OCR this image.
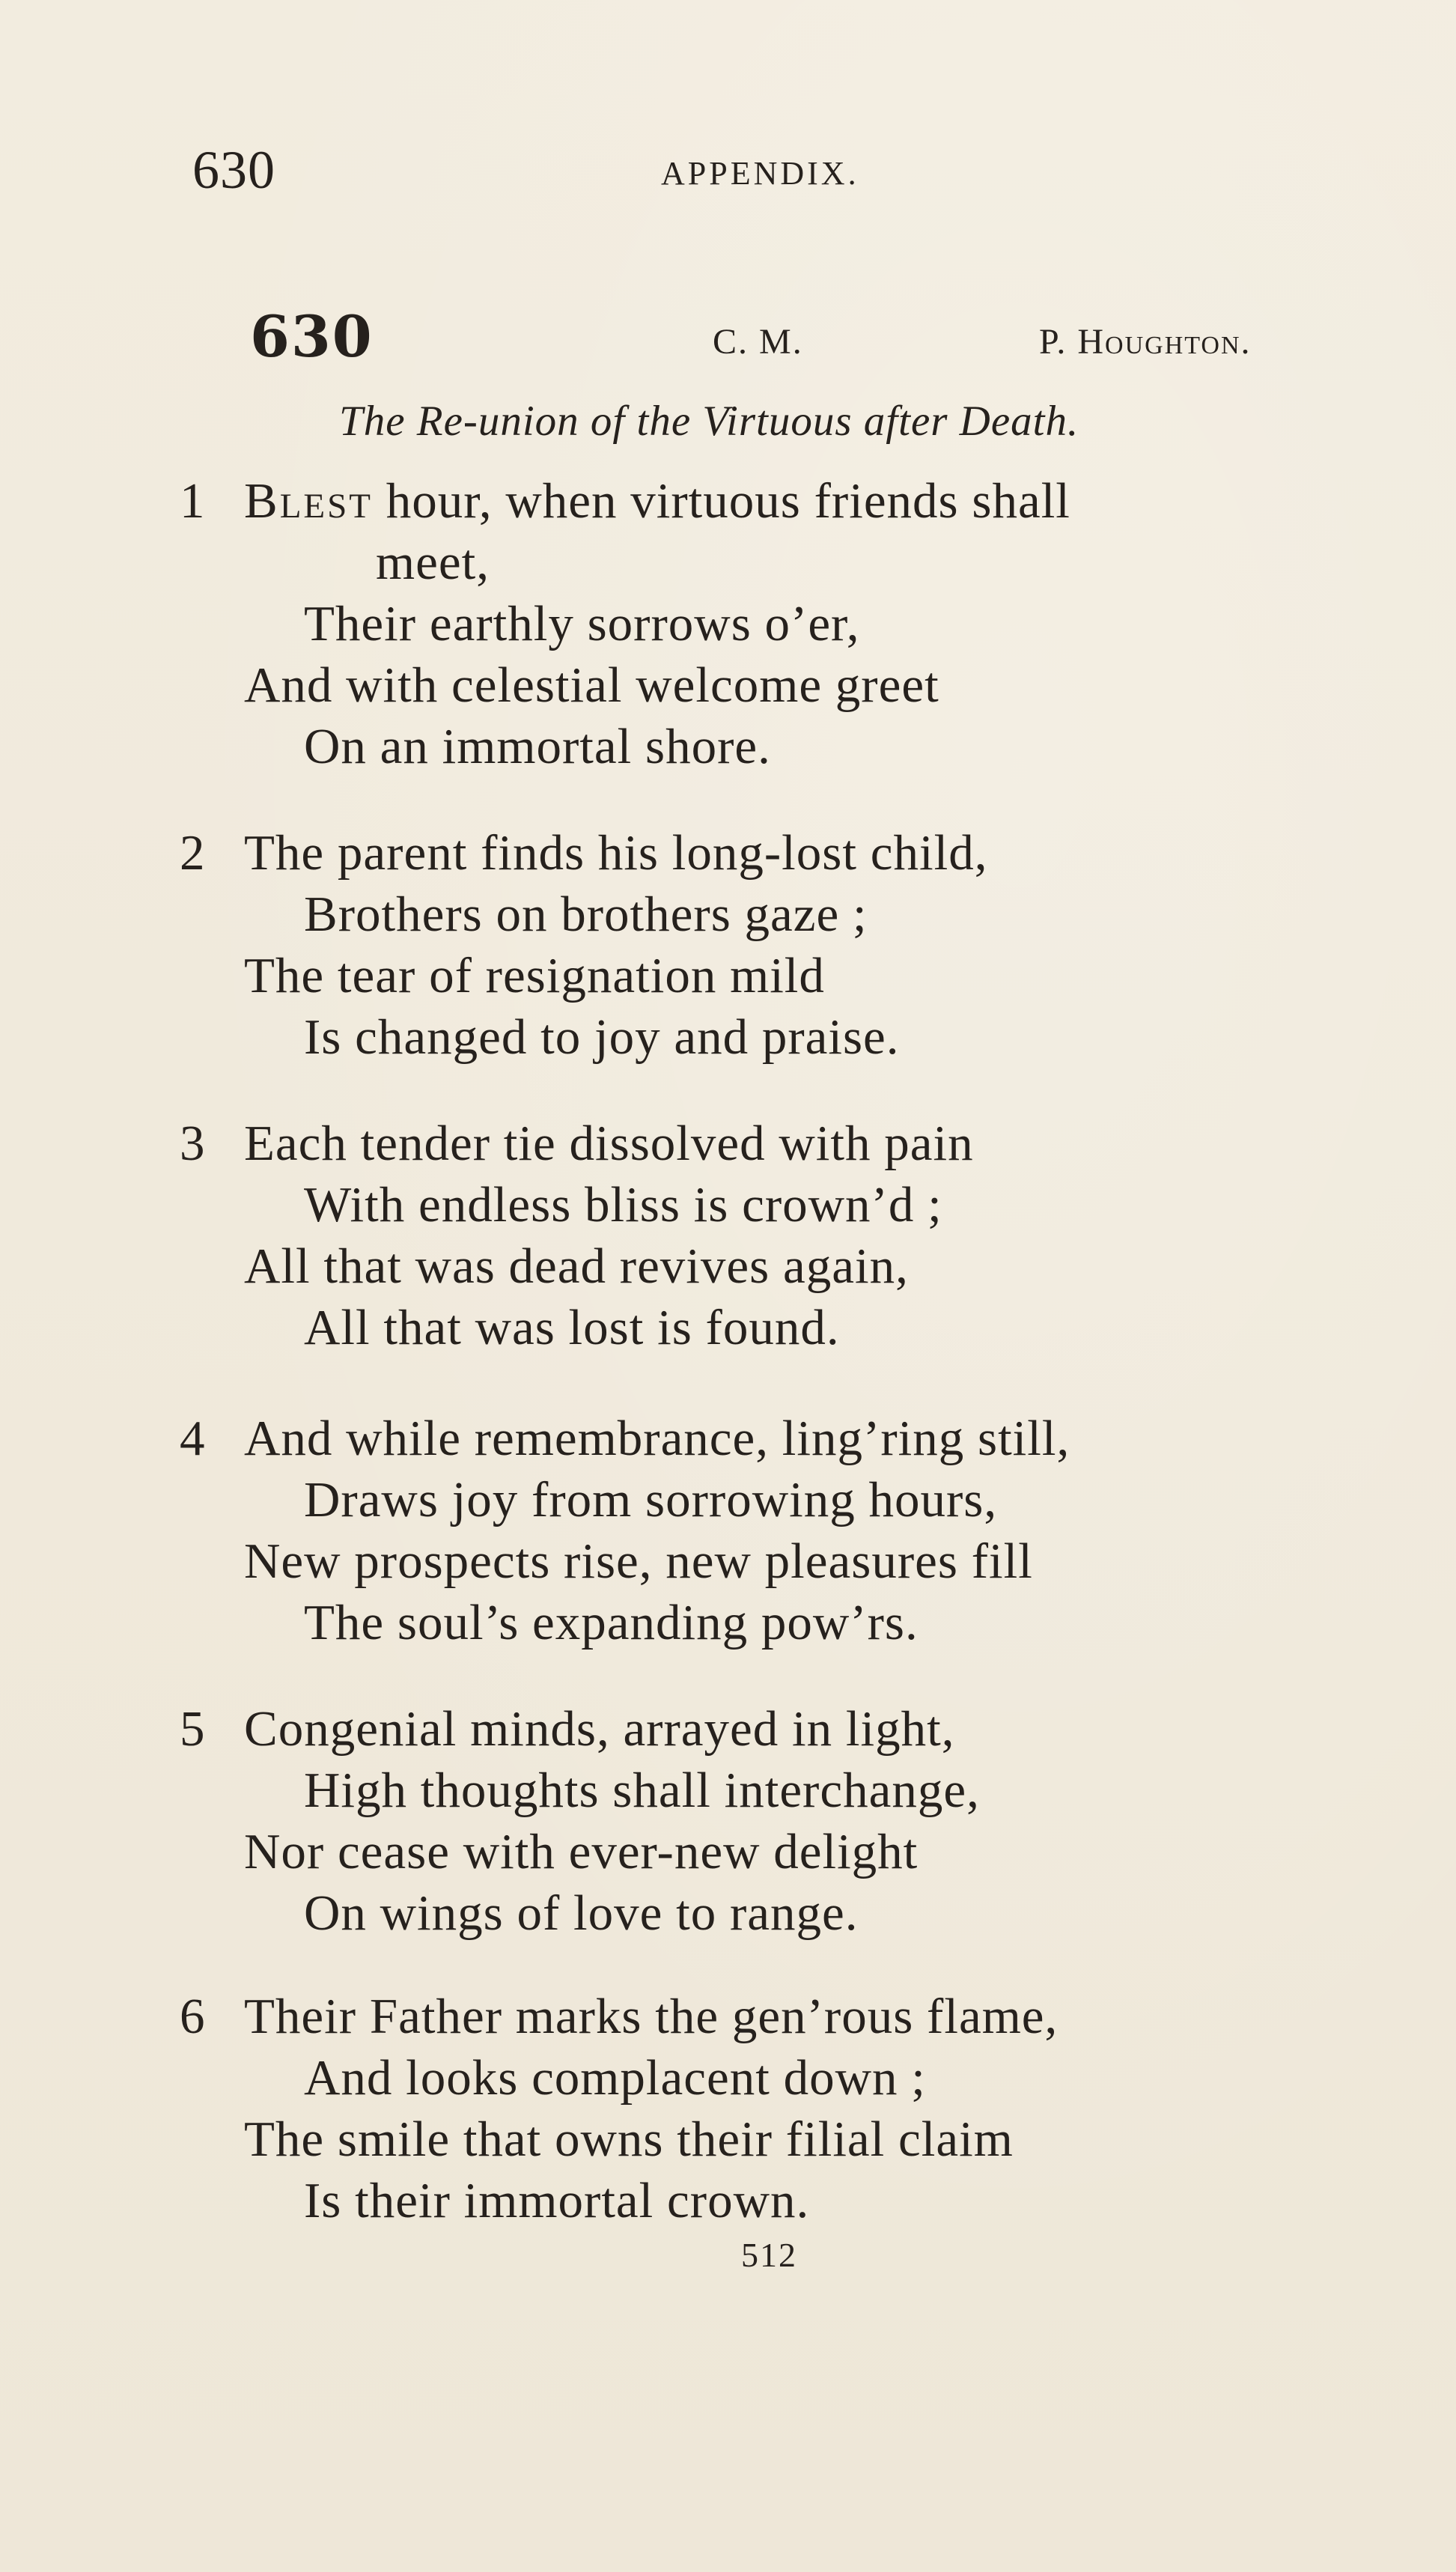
630	APPENDIX.
630	C. M.	P. Houghton.
The Re-union of the Virtuous after Death.
1 Blest hour, when virtuous friends shall
meet,
Their earthly sorrows o’er,
And with celestial welcome greet
On an immortal shore.
2 The parent finds his long-lost child,
Brothers on brothers gaze ;
The tear of resignation mild
Is changed to joy and praise.
3 Each tender tie dissolved with pain
With endless bliss is crown’d ;
All that was dead revives again,
All that was lost is found.
4 And while remembrance, ling’ring still,
Draws joy from sorrowing hours,
New prospects rise, new pleasures fill
The soul’s expanding pow’rs.
5 Congenial minds, arrayed in light,
High thoughts shall interchange,
Nor cease with ever-new delight
On wings of love to range.
6 Their Father marks the gen’rous flame,
And looks complacent down ;
The smile that owns their filial claim
Is their immortal crown.
512
